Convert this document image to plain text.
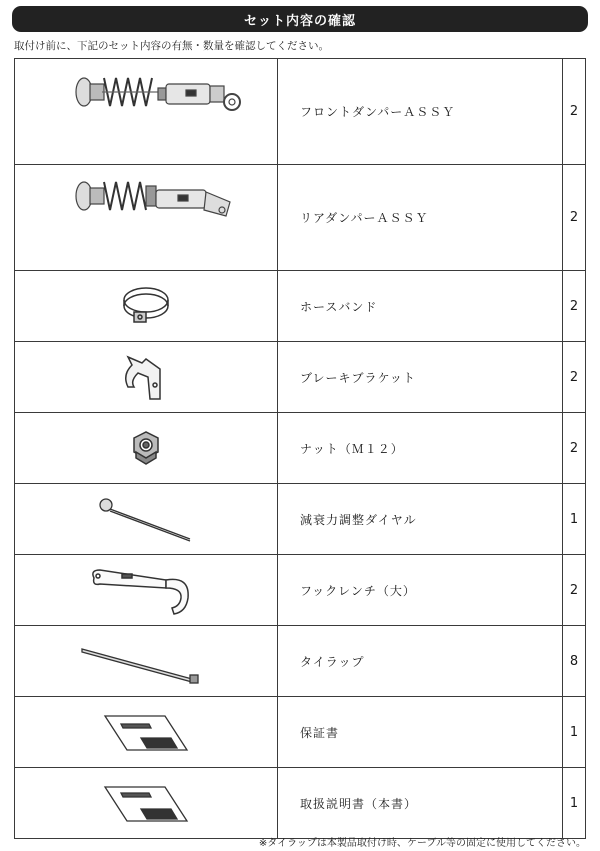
セット内容の確認
取付け前に、下記のセット内容の有無・数量を確認してください。
	フロントダンパーＡＳＳＹ	2

	リアダンパーＡＳＳＹ	2

	ホースバンド	2

	ブレーキブラケット	2

	ナット（Ｍ１２）	2

	減衰力調整ダイヤル	1

	フックレンチ（大）	2

	タイラップ	8

	保証書	1

	取扱説明書（本書）	1
※タイラップは本製品取付け時、ケーブル等の固定に使用してください。
